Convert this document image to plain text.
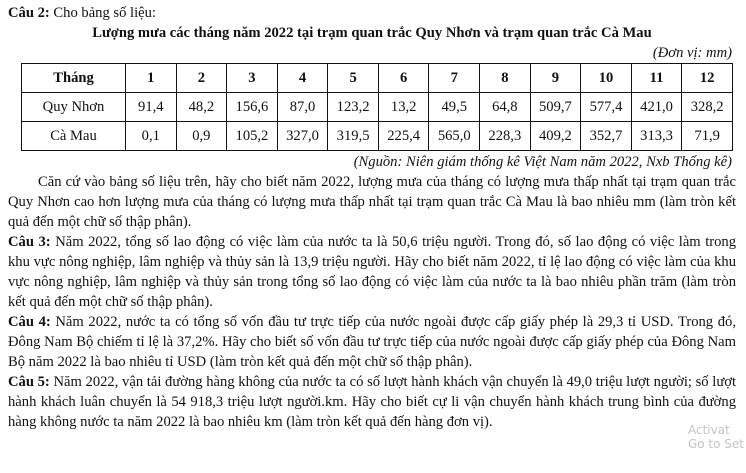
Câu 2: Cho bảng số liệu:

Lượng mưa các tháng năm 2022 tại trạm quan trắc Quy Nhơn và trạm quan trắc Cà Mau

(Đơn vị: mm)

Tháng	1	2	3	4	5	6	7	8	9	10	11	12
Quy Nhơn	91,4	48,2	156,6	87,0	123,2	13,2	49,5	64,8	509,7	577,4	421,0	328,2
Cà Mau	0,1	0,9	105,2	327,0	319,5	225,4	565,0	228,3	409,2	352,7	313,3	71,9

(Nguồn: Niên giám thống kê Việt Nam năm 2022, Nxb Thống kê)

Căn cứ vào bảng số liệu trên, hãy cho biết năm 2022, lượng mưa của tháng có lượng mưa thấp nhất tại trạm quan trắc Quy Nhơn cao hơn lượng mưa của tháng có lượng mưa thấp nhất tại trạm quan trắc Cà Mau là bao nhiêu mm (làm tròn kết quả đến một chữ số thập phân).

Câu 3: Năm 2022, tổng số lao động có việc làm của nước ta là 50,6 triệu người. Trong đó, số lao động có việc làm trong khu vực nông nghiệp, lâm nghiệp và thủy sản là 13,9 triệu người. Hãy cho biết năm 2022, tỉ lệ lao động có việc làm của khu vực nông nghiệp, lâm nghiệp và thủy sản trong tổng số lao động có việc làm của nước ta là bao nhiêu phần trăm (làm tròn kết quả đến một chữ số thập phân).

Câu 4: Năm 2022, nước ta có tổng số vốn đầu tư trực tiếp của nước ngoài được cấp giấy phép là 29,3 tỉ USD. Trong đó, Đông Nam Bộ chiếm tỉ lệ là 37,2%. Hãy cho biết số vốn đầu tư trực tiếp của nước ngoài được cấp giấy phép của Đông Nam Bộ năm 2022 là bao nhiêu tỉ USD (làm tròn kết quả đến một chữ số thập phân).

Câu 5: Năm 2022, vận tải đường hàng không của nước ta có số lượt hành khách vận chuyển là 49,0 triệu lượt người; số lượt hành khách luân chuyển là 54 918,3 triệu lượt người.km. Hãy cho biết cự li vận chuyển hành khách trung bình của đường hàng không nước ta năm 2022 là bao nhiêu km (làm tròn kết quả đến hàng đơn vị).	Activat
Go to Set
